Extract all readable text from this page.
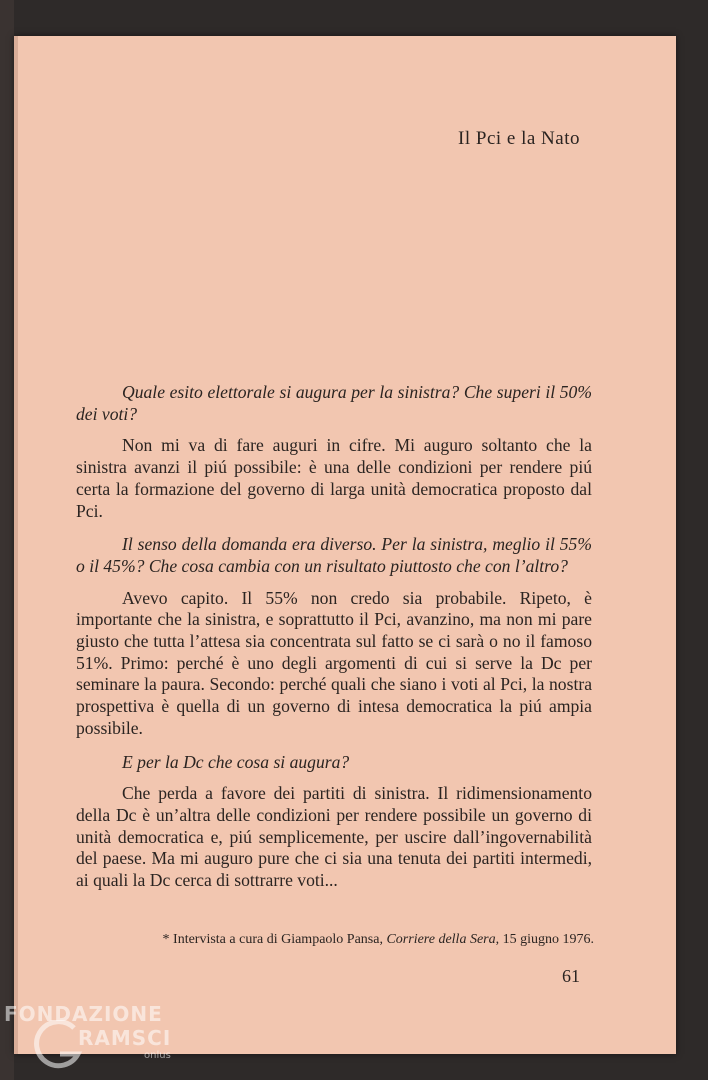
Il Pci e la Nato

Quale esito elettorale si augura per la sinistra? Che superi il 50% dei voti?

Non mi va di fare auguri in cifre. Mi auguro soltanto che la sinistra avanzi il piú possibile: è una delle condizioni per rendere piú certa la formazione del governo di larga unità democratica proposto dal Pci.

Il senso della domanda era diverso. Per la sinistra, meglio il 55% o il 45%? Che cosa cambia con un risultato piuttosto che con l’altro?

Avevo capito. Il 55% non credo sia probabile. Ripeto, è importante che la sinistra, e soprattutto il Pci, avanzino, ma non mi pare giusto che tutta l’attesa sia concentrata sul fatto se ci sarà o no il famoso 51%. Primo: perché è uno degli argomenti di cui si serve la Dc per seminare la paura. Secondo: perché quali che siano i voti al Pci, la nostra prospettiva è quella di un governo di intesa democratica la piú ampia possibile.

E per la Dc che cosa si augura?

Che perda a favore dei partiti di sinistra. Il ridimensionamento della Dc è un’altra delle condizioni per rendere possibile un governo di unità democratica e, piú semplicemente, per uscire dall’ingovernabilità del paese. Ma mi auguro pure che ci sia una tenuta dei partiti intermedi, ai quali la Dc cerca di sottrarre voti...

* Intervista a cura di Giampaolo Pansa, Corriere della Sera, 15 giugno 1976.
61
FONDAZIONE
RAMSCI
onlus
